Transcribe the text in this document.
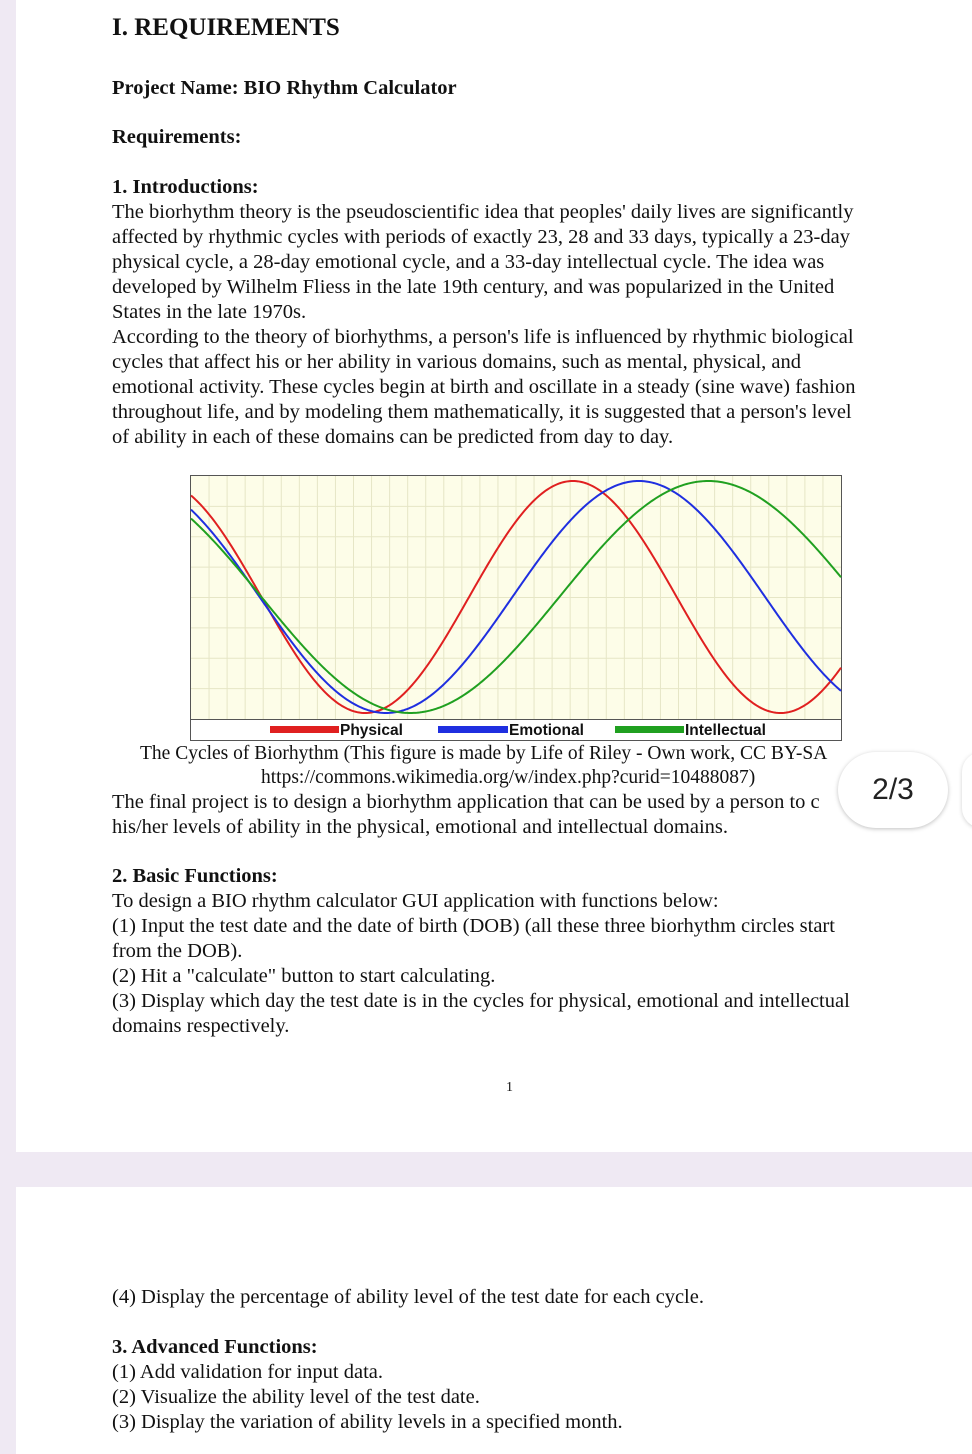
I. REQUIREMENTS
Project Name: BIO Rhythm Calculator
Requirements:
1. Introductions:
The biorhythm theory is the pseudoscientific idea that peoples' daily lives are significantly
affected by rhythmic cycles with periods of exactly 23, 28 and 33 days, typically a 23-day
physical cycle, a 28-day emotional cycle, and a 33-day intellectual cycle. The idea was
developed by Wilhelm Fliess in the late 19th century, and was popularized in the United
States in the late 1970s.
According to the theory of biorhythms, a person's life is influenced by rhythmic biological
cycles that affect his or her ability in various domains, such as mental, physical, and
emotional activity. These cycles begin at birth and oscillate in a steady (sine wave) fashion
throughout life, and by modeling them mathematically, it is suggested that a person's level
of ability in each of these domains can be predicted from day to day.
Physical	Emotional	Intellectual
The Cycles of Biorhythm (This figure is made by Life of Riley - Own work, CC BY-SA
https://commons.wikimedia.org/w/index.php?curid=10488087)
The final project is to design a biorhythm application that can be used by a person to c
his/her levels of ability in the physical, emotional and intellectual domains.
2. Basic Functions:
To design a BIO rhythm calculator GUI application with functions below:
(1) Input the test date and the date of birth (DOB) (all these three biorhythm circles start
from the DOB).
(2) Hit a "calculate" button to start calculating.
(3) Display which day the test date is in the cycles for physical, emotional and intellectual
domains respectively.
1
(4) Display the percentage of ability level of the test date for each cycle.
3. Advanced Functions:
(1) Add validation for input data.
(2) Visualize the ability level of the test date.
(3) Display the variation of ability levels in a specified month.
2/3
